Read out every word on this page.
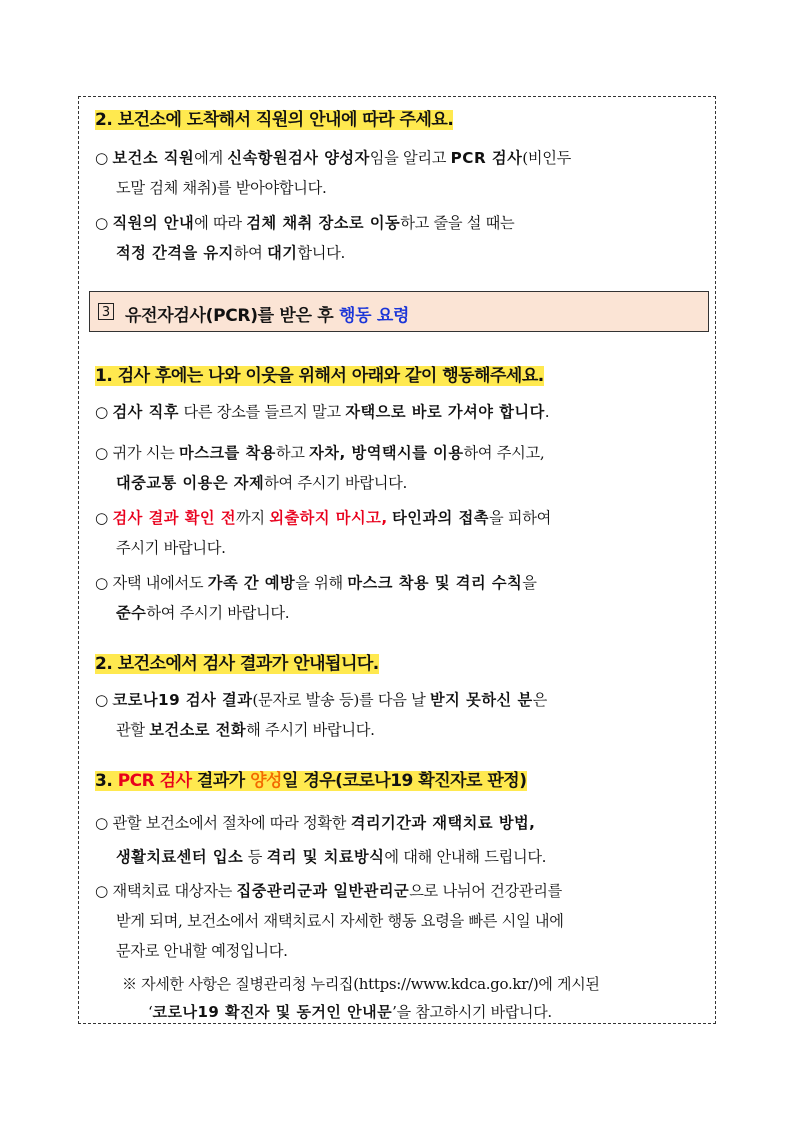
2. 보건소에 도착해서 직원의 안내에 따라 주세요.
○ 보건소 직원에게 신속항원검사 양성자임을 알리고 PCR 검사(비인두
도말 검체 채취)를 받아야합니다.
○ 직원의 안내에 따라 검체 채취 장소로 이동하고 줄을 설 때는
적정 간격을 유지하여 대기합니다.
3 유전자검사(PCR)를 받은 후 행동 요령
1. 검사 후에는 나와 이웃을 위해서 아래와 같이 행동해주세요.
○ 검사 직후 다른 장소를 들르지 말고 자택으로 바로 가셔야 합니다.
○ 귀가 시는 마스크를 착용하고 자차, 방역택시를 이용하여 주시고,
대중교통 이용은 자제하여 주시기 바랍니다.
○ 검사 결과 확인 전까지 외출하지 마시고, 타인과의 접촉을 피하여
주시기 바랍니다.
○ 자택 내에서도 가족 간 예방을 위해 마스크 착용 및 격리 수칙을
준수하여 주시기 바랍니다.
2. 보건소에서 검사 결과가 안내됩니다.
○ 코로나19 검사 결과(문자로 발송 등)를 다음 날 받지 못하신 분은
관할 보건소로 전화해 주시기 바랍니다.
3. PCR 검사 결과가 양성일 경우(코로나19 확진자로 판정)
○ 관할 보건소에서 절차에 따라 정확한 격리기간과 재택치료 방법,
생활치료센터 입소 등 격리 및 치료방식에 대해 안내해 드립니다.
○ 재택치료 대상자는 집중관리군과 일반관리군으로 나뉘어 건강관리를
받게 되며, 보건소에서 재택치료시 자세한 행동 요령을 빠른 시일 내에
문자로 안내할 예정입니다.
※ 자세한 사항은 질병관리청 누리집(https://www.kdca.go.kr/)에 게시된
‘코로나19 확진자 및 동거인 안내문’을 참고하시기 바랍니다.
